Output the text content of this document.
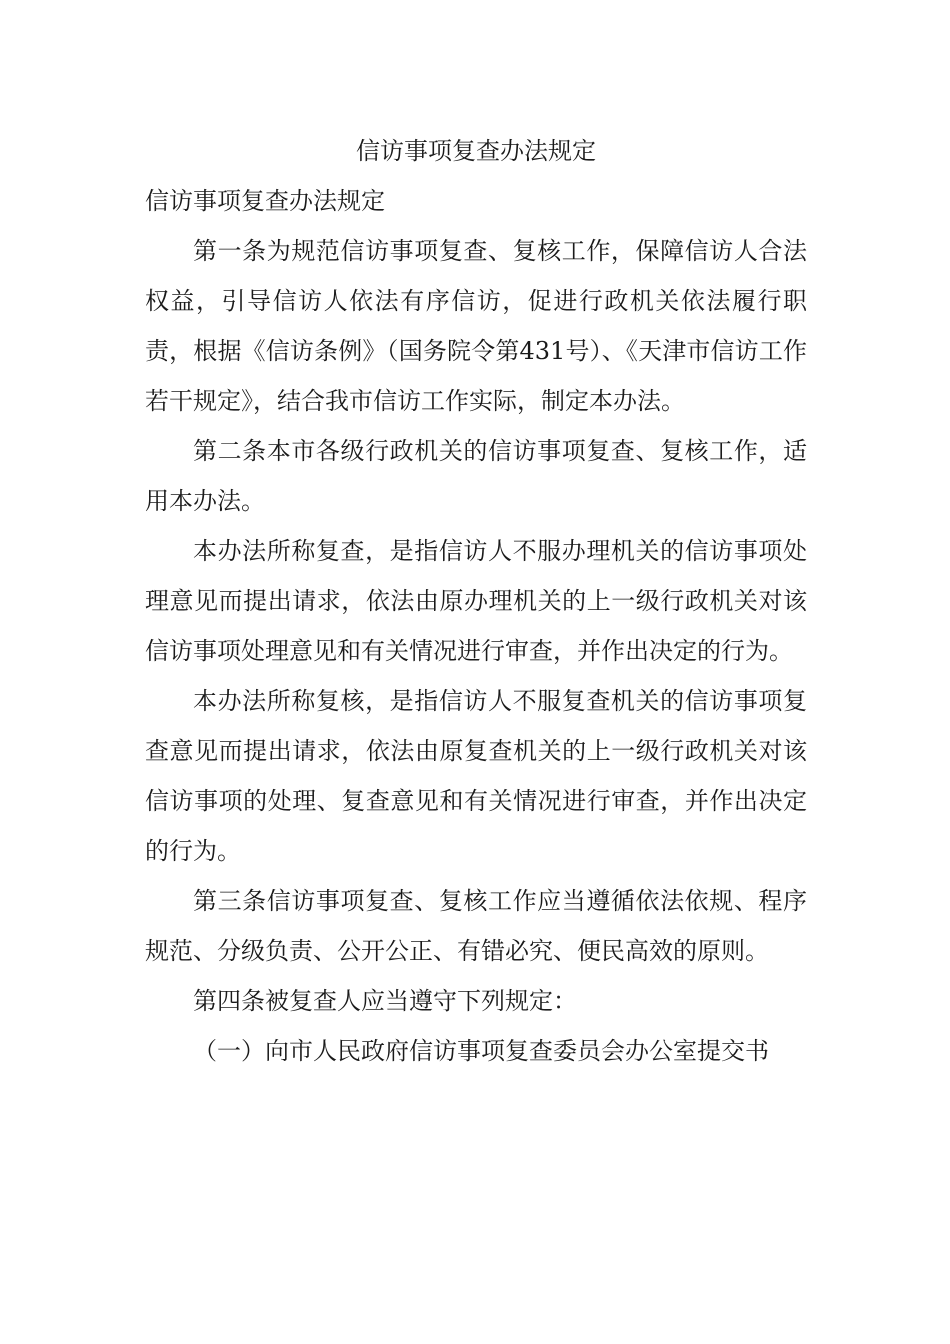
信访事项复查办法规定

信访事项复查办法规定

第一条为规范信访事项复查、复核工作，保障信访人合法权益，引导信访人依法有序信访，促进行政机关依法履行职责，根据《信访条例》（国务院令第431号）、《天津市信访工作若干规定》，结合我市信访工作实际，制定本办法。

第二条本市各级行政机关的信访事项复查、复核工作，适用本办法。

本办法所称复查，是指信访人不服办理机关的信访事项处理意见而提出请求，依法由原办理机关的上一级行政机关对该信访事项处理意见和有关情况进行审查，并作出决定的行为。

本办法所称复核，是指信访人不服复查机关的信访事项复查意见而提出请求，依法由原复查机关的上一级行政机关对该信访事项的处理、复查意见和有关情况进行审查，并作出决定的行为。

第三条信访事项复查、复核工作应当遵循依法依规、程序规范、分级负责、公开公正、有错必究、便民高效的原则。

第四条被复查人应当遵守下列规定：

（一）向市人民政府信访事项复查委员会办公室提交书
